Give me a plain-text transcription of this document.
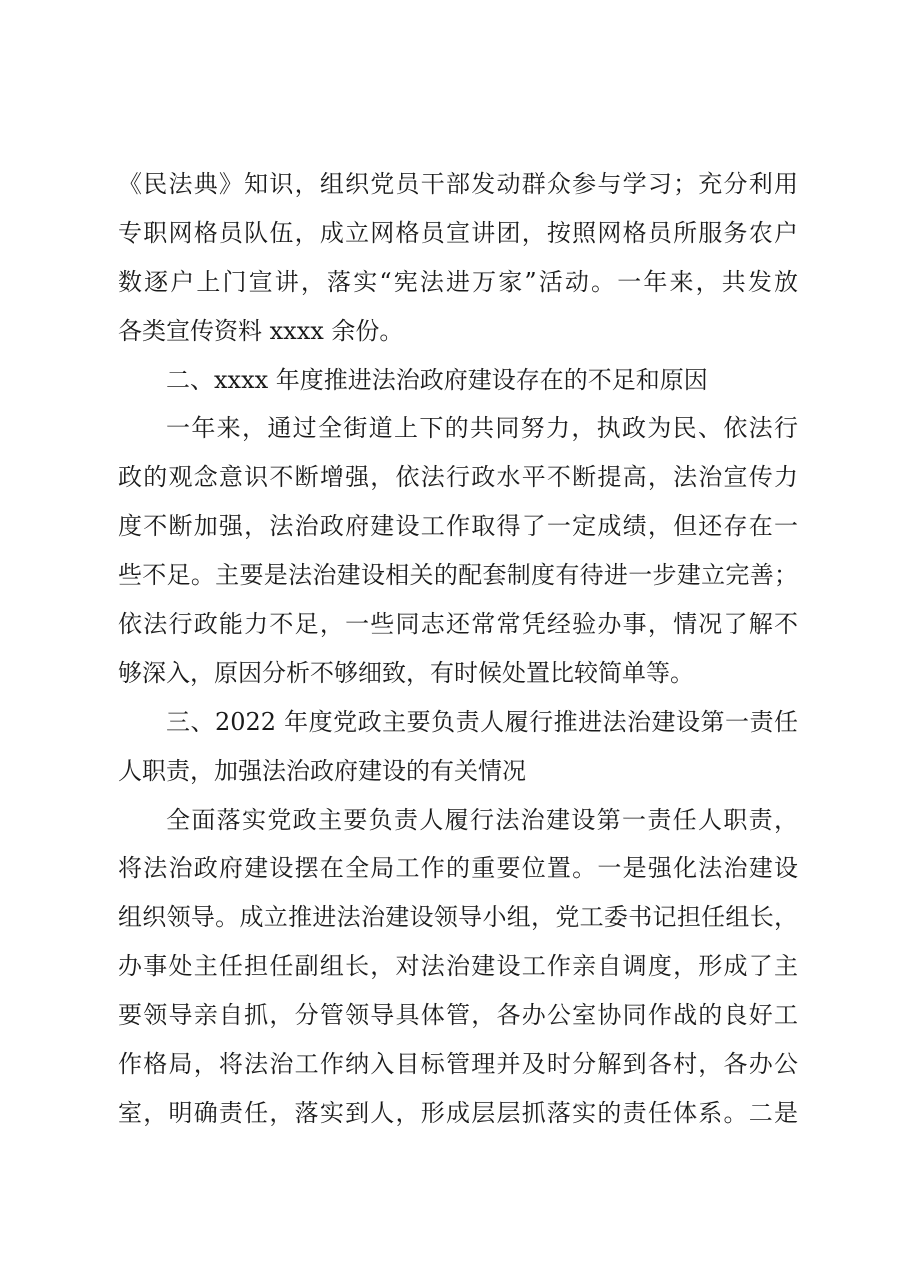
《民法典》知识，组织党员干部发动群众参与学习；充分利用
专职网格员队伍，成立网格员宣讲团，按照网格员所服务农户
数逐户上门宣讲，落实“宪法进万家”活动。一年来，共发放
各类宣传资料 xxxx 余份。
二、xxxx 年度推进法治政府建设存在的不足和原因
一年来，通过全街道上下的共同努力，执政为民、依法行
政的观念意识不断增强，依法行政水平不断提高，法治宣传力
度不断加强，法治政府建设工作取得了一定成绩，但还存在一
些不足。主要是法治建设相关的配套制度有待进一步建立完善；
依法行政能力不足，一些同志还常常凭经验办事，情况了解不
够深入，原因分析不够细致，有时候处置比较简单等。
三、2022 年度党政主要负责人履行推进法治建设第一责任
人职责，加强法治政府建设的有关情况
全面落实党政主要负责人履行法治建设第一责任人职责，
将法治政府建设摆在全局工作的重要位置。一是强化法治建设
组织领导。成立推进法治建设领导小组，党工委书记担任组长，
办事处主任担任副组长，对法治建设工作亲自调度，形成了主
要领导亲自抓，分管领导具体管，各办公室协同作战的良好工
作格局，将法治工作纳入目标管理并及时分解到各村，各办公
室，明确责任，落实到人，形成层层抓落实的责任体系。二是
